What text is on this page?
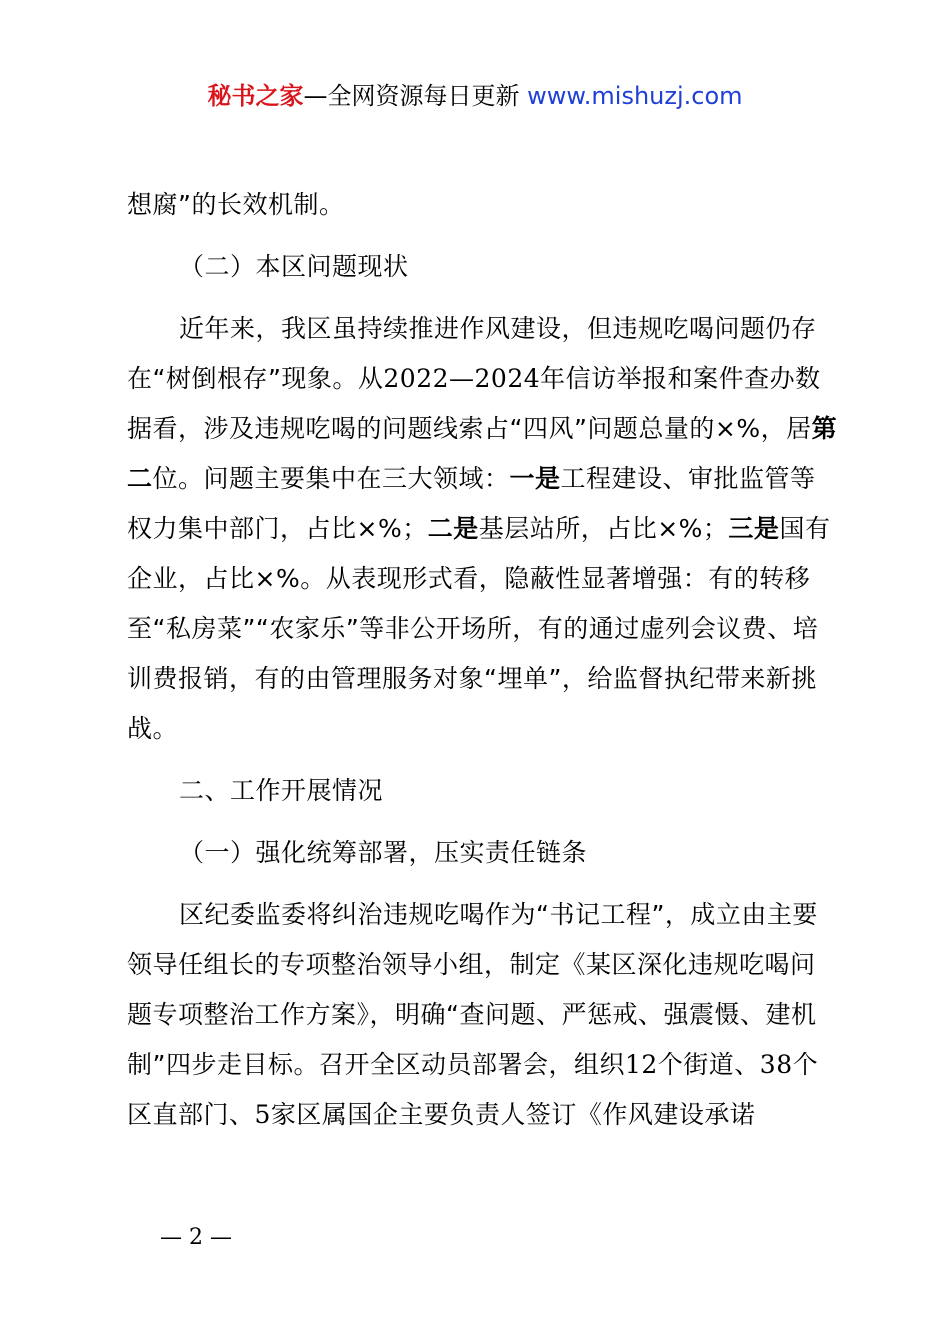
秘书之家—全网资源每日更新 www.mishuzj.com

想腐”的长效机制。

（二）本区问题现状

近年来，我区虽持续推进作风建设，但违规吃喝问题仍存在“树倒根存”现象。从2022—2024年信访举报和案件查办数据看，涉及违规吃喝的问题线索占“四风”问题总量的×%，居第二位。问题主要集中在三大领域：一是工程建设、审批监管等权力集中部门，占比×%；二是基层站所，占比×%；三是国有企业，占比×%。从表现形式看，隐蔽性显著增强：有的转移至“私房菜”“农家乐”等非公开场所，有的通过虚列会议费、培训费报销，有的由管理服务对象“埋单”，给监督执纪带来新挑战。

二、工作开展情况

（一）强化统筹部署，压实责任链条

区纪委监委将纠治违规吃喝作为“书记工程”，成立由主要领导任组长的专项整治领导小组，制定《某区深化违规吃喝问题专项整治工作方案》，明确“查问题、严惩戒、强震慑、建机制”四步走目标。召开全区动员部署会，组织12个街道、38个区直部门、5家区属国企主要负责人签订《作风建设承诺

— 2 —
